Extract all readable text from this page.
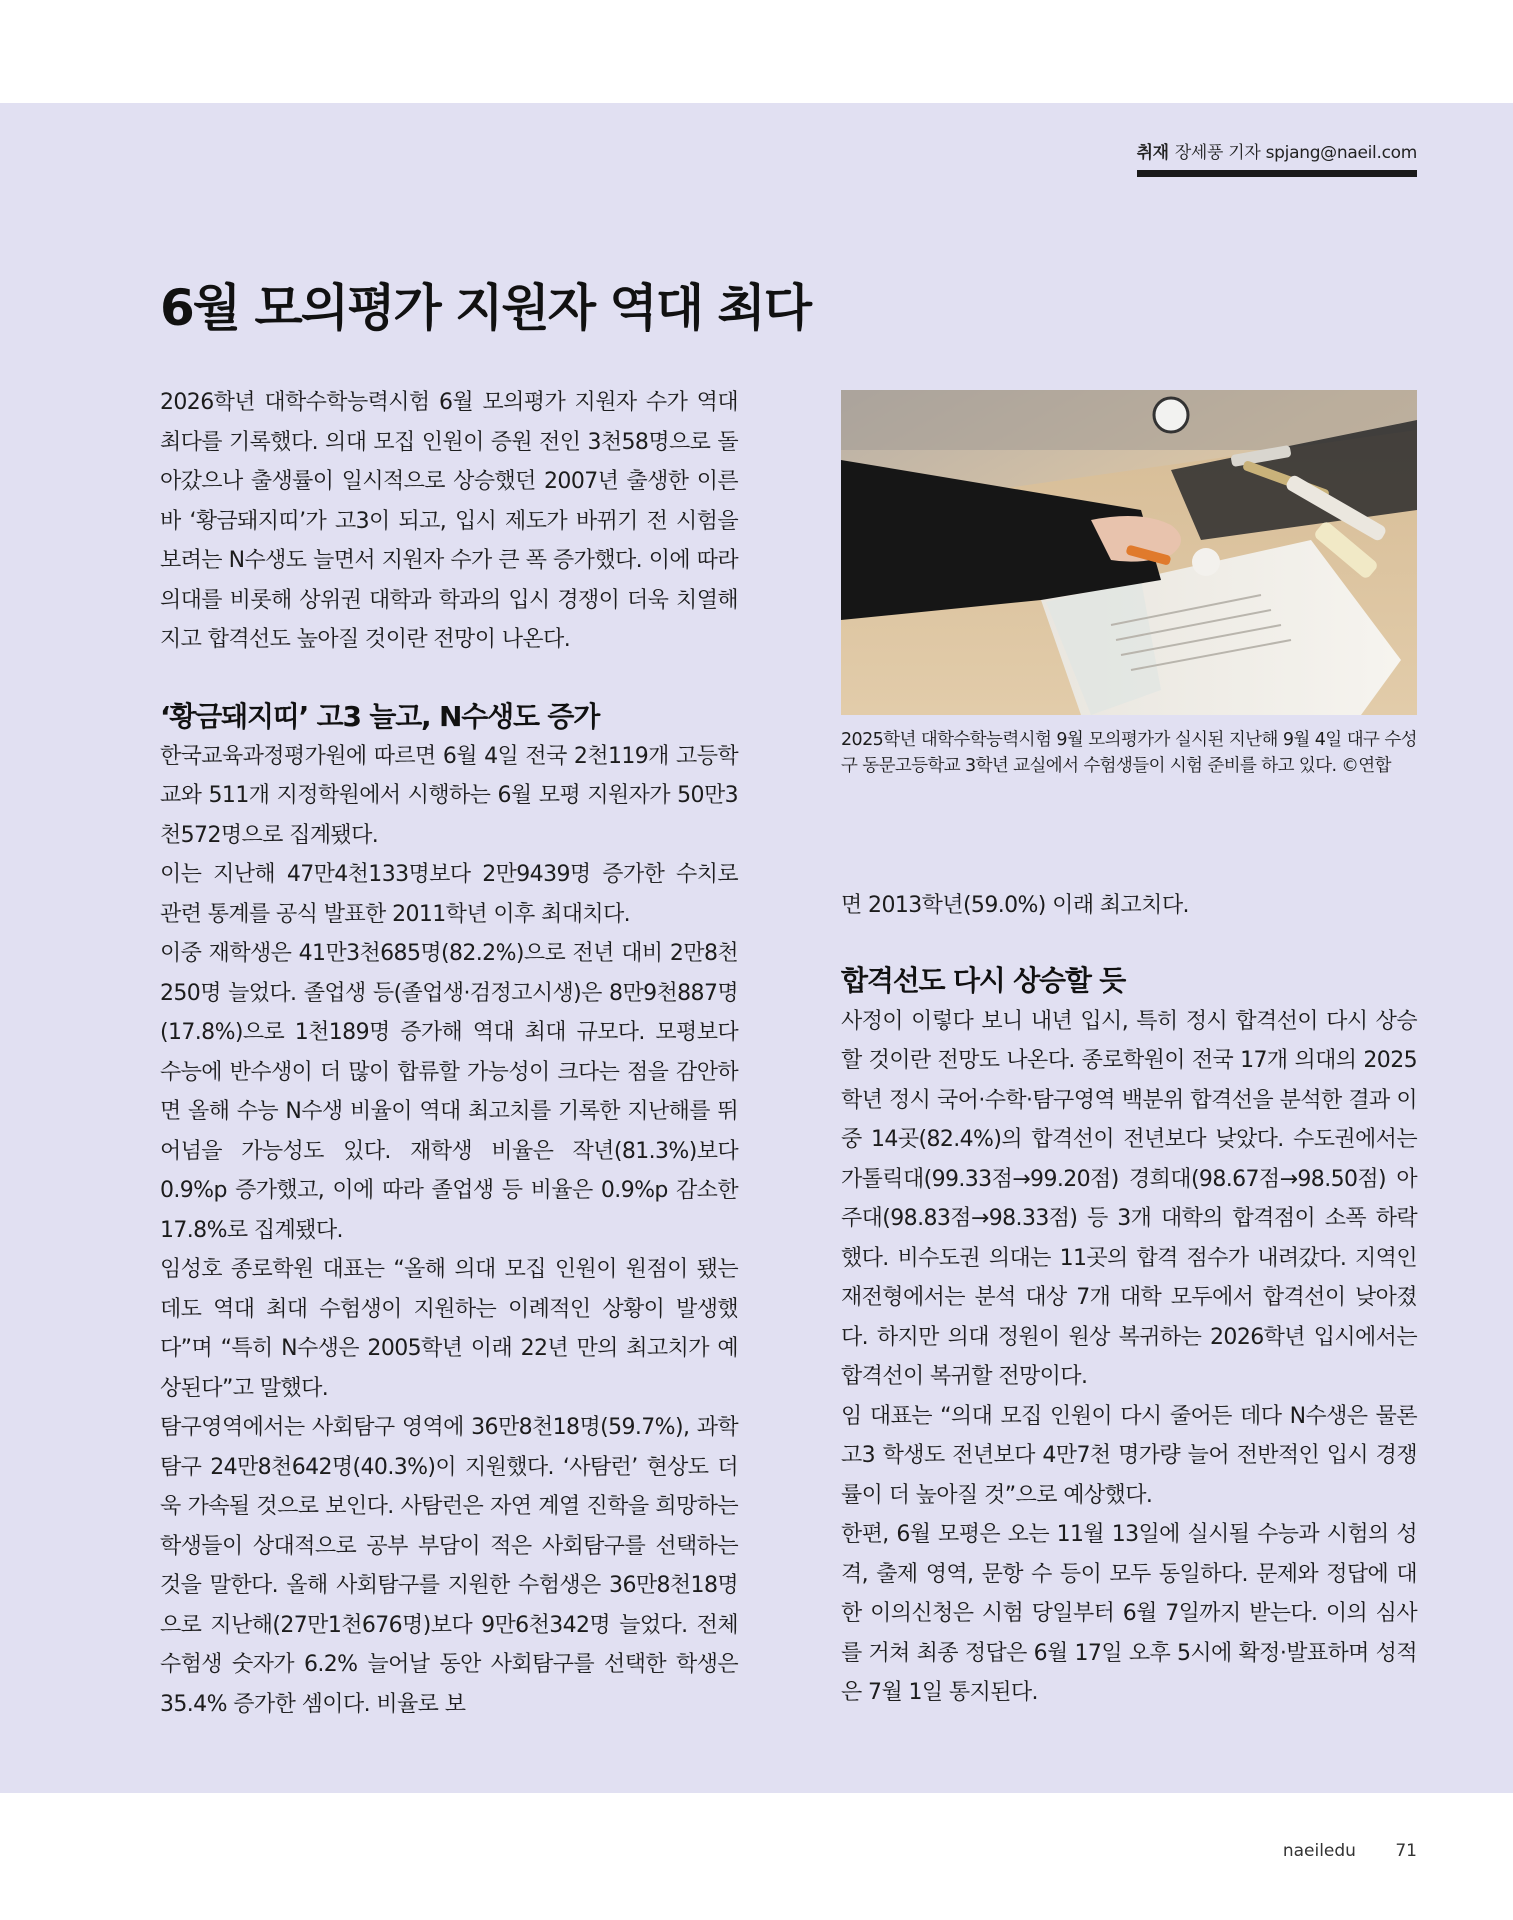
취재 장세풍 기자 spjang@naeil.com
6월 모의평가 지원자 역대 최다

2026학년 대학수학능력시험 6월 모의평가 지원자 수가 역대 최다를 기록했다. 의대 모집 인원이 증원 전인 3천58명으로 돌아갔으나 출생률이 일시적으로 상승했던 2007년 출생한 이른바 ‘황금돼지띠’가 고3이 되고, 입시 제도가 바뀌기 전 시험을 보려는 N수생도 늘면서 지원자 수가 큰 폭 증가했다. 이에 따라 의대를 비롯해 상위권 대학과 학과의 입시 경쟁이 더욱 치열해지고 합격선도 높아질 것이란 전망이 나온다.

‘황금돼지띠’ 고3 늘고, N수생도 증가

한국교육과정평가원에 따르면 6월 4일 전국 2천119개 고등학교와 511개 지정학원에서 시행하는 6월 모평 지원자가 50만3천572명으로 집계됐다.

이는 지난해 47만4천133명보다 2만9439명 증가한 수치로 관련 통계를 공식 발표한 2011학년 이후 최대치다.

이중 재학생은 41만3천685명(82.2%)으로 전년 대비 2만8천250명 늘었다. 졸업생 등(졸업생·검정고시생)은 8만9천887명(17.8%)으로 1천189명 증가해 역대 최대 규모다. 모평보다 수능에 반수생이 더 많이 합류할 가능성이 크다는 점을 감안하면 올해 수능 N수생 비율이 역대 최고치를 기록한 지난해를 뛰어넘을 가능성도 있다. 재학생 비율은 작년(81.3%)보다 0.9%p 증가했고, 이에 따라 졸업생 등 비율은 0.9%p 감소한 17.8%로 집계됐다.

임성호 종로학원 대표는 “올해 의대 모집 인원이 원점이 됐는데도 역대 최대 수험생이 지원하는 이례적인 상황이 발생했다”며 “특히 N수생은 2005학년 이래 22년 만의 최고치가 예상된다”고 말했다.

탐구영역에서는 사회탐구 영역에 36만8천18명(59.7%), 과학탐구 24만8천642명(40.3%)이 지원했다. ‘사탐런’ 현상도 더욱 가속될 것으로 보인다. 사탐런은 자연 계열 진학을 희망하는 학생들이 상대적으로 공부 부담이 적은 사회탐구를 선택하는 것을 말한다. 올해 사회탐구를 지원한 수험생은 36만8천18명으로 지난해(27만1천676명)보다 9만6천342명 늘었다. 전체 수험생 숫자가 6.2% 늘어날 동안 사회탐구를 선택한 학생은 35.4% 증가한 셈이다. 비율로 보

2025학년 대학수학능력시험 9월 모의평가가 실시된 지난해 9월 4일 대구 수성구 동문고등학교 3학년 교실에서 수험생들이 시험 준비를 하고 있다. ©연합

면 2013학년(59.0%) 이래 최고치다.

합격선도 다시 상승할 듯

사정이 이렇다 보니 내년 입시, 특히 정시 합격선이 다시 상승할 것이란 전망도 나온다. 종로학원이 전국 17개 의대의 2025학년 정시 국어·수학·탐구영역 백분위 합격선을 분석한 결과 이 중 14곳(82.4%)의 합격선이 전년보다 낮았다. 수도권에서는 가톨릭대(99.33점→99.20점) 경희대(98.67점→98.50점) 아주대(98.83점→98.33점) 등 3개 대학의 합격점이 소폭 하락했다. 비수도권 의대는 11곳의 합격 점수가 내려갔다. 지역인재전형에서는 분석 대상 7개 대학 모두에서 합격선이 낮아졌다. 하지만 의대 정원이 원상 복귀하는 2026학년 입시에서는 합격선이 복귀할 전망이다.

임 대표는 “의대 모집 인원이 다시 줄어든 데다 N수생은 물론 고3 학생도 전년보다 4만7천 명가량 늘어 전반적인 입시 경쟁률이 더 높아질 것”으로 예상했다.

한편, 6월 모평은 오는 11월 13일에 실시될 수능과 시험의 성격, 출제 영역, 문항 수 등이 모두 동일하다. 문제와 정답에 대한 이의신청은 시험 당일부터 6월 7일까지 받는다. 이의 심사를 거쳐 최종 정답은 6월 17일 오후 5시에 확정·발표하며 성적은 7월 1일 통지된다.

naeiledu 71
